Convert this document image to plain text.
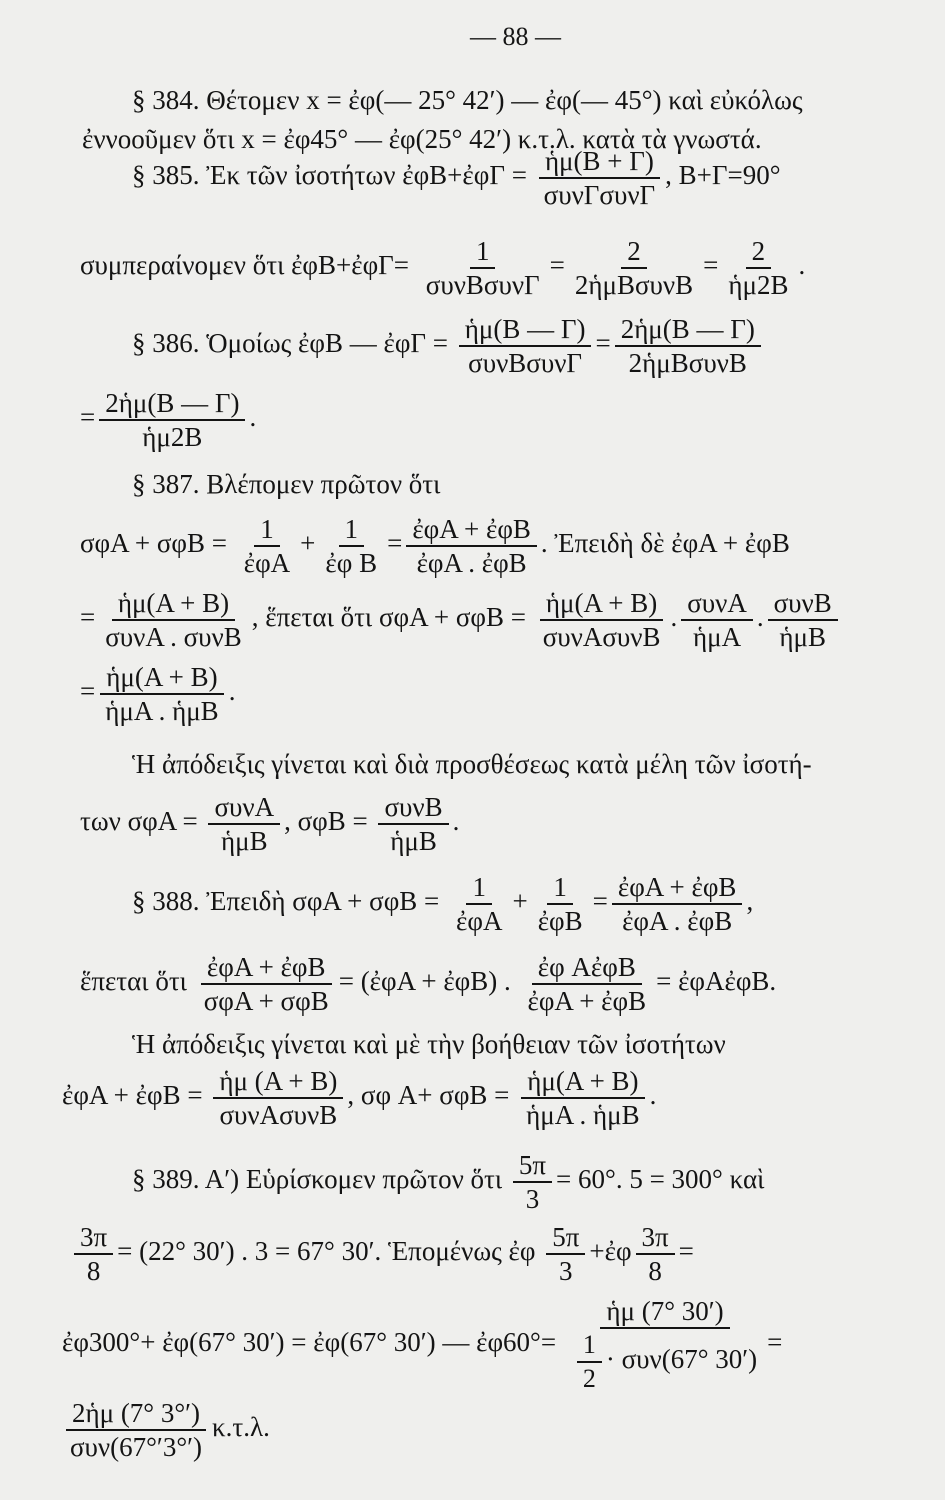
— 88 —
§ 384. Θέτομεν x = ἐφ(— 25° 42′) — ἐφ(— 45°) καὶ εὐκόλως
ἐννοοῦμεν ὅτι x = ἐφ45° — ἐφ(25° 42′) κ.τ.λ. κατὰ τὰ γνωστά.
§ 385. Ἐκ τῶν ἰσοτήτων ἐφB+ἐφΓ = $\frac{\text{ἡμ(B + Γ)}}{\text{συνΓσυνΓ}}$ , B+Γ=90°
συμπεραίνομεν ὅτι ἐφB+ἐφΓ= $\frac{1}{\text{συνBσυνΓ}} = \frac{2}{\text{2ἡμBσυνB}} = \frac{2}{\text{ἡμ2B}}$ .
§ 386. Ὁμοίως ἐφB — ἐφΓ = $\frac{\text{ἡμ(B — Γ)}}{\text{συνBσυνΓ}} = \frac{\text{2ἡμ(B — Γ)}}{\text{2ἡμBσυνB}}$
= $\frac{\text{2ἡμ(B — Γ)}}{\text{ἡμ2B}}$ .
§ 387. Βλέπομεν πρῶτον ὅτι
$\sigma\varphi A + \sigma\varphi B = \frac{1}{\text{ἐφA}} + \frac{1}{\text{ἐφ B}} = \frac{\text{ἐφA + ἐφB}}{\text{ἐφA . ἐφB}}$ . Ἐπειδὴ δὲ ἐφA + ἐφB
= $\frac{\text{ἡμ(A + B)}}{\text{συνA . συνB}}$ , ἕπεται ὅτι $\sigma\varphi A + \sigma\varphi B = \frac{\text{ἡμ(A + B)}}{\text{συνAσυνB}}$ . $\frac{\text{συνA}}{\text{ἡμA}}$ . $\frac{\text{συνB}}{\text{ἡμB}}$
= $\frac{\text{ἡμ(A + B)}}{\text{ἡμA . ἡμB}}$ .
Ἡ ἀπόδειξις γίνεται καὶ διὰ προσθέσεως κατὰ μέλη τῶν ἰσοτή-
των $\sigma\varphi A = \frac{\text{συνA}}{\text{ἡμB}}$ , $\sigma\varphi B = \frac{\text{συνB}}{\text{ἡμB}}$ .
§ 388. Ἐπειδὴ $\sigma\varphi A + \sigma\varphi B = \frac{1}{\text{ἐφA}} + \frac{1}{\text{ἐφB}} = \frac{\text{ἐφA + ἐφB}}{\text{ἐφA . ἐφB}}$ ,
ἕπεται ὅτι $\frac{\text{ἐφA + ἐφB}}{\text{σφA + σφB}}$ = (ἐφA + ἐφB) . $\frac{\text{ἐφ AἐφB}}{\text{ἐφA + ἐφB}}$ = ἐφAἐφB.
Ἡ ἀπόδειξις γίνεται καὶ μὲ τὴν βοήθειαν τῶν ἰσοτήτων
ἐφA + ἐφB = $\frac{\text{ἡμ (A + B)}}{\text{συνAσυνB}}$ , σφ $A+ \sigma\varphi B = \frac{\text{ἡμ(A + B)}}{\text{ἡμA . ἡμB}}$ .
§ 389. A′) Εὑρίσκομεν πρῶτον ὅτι $\frac{5\pi}{3} = 60^\circ$. 5 = 300° καὶ
$\frac{3\pi}{8} = (22^\circ$ 30′) . 3 = 67° 30′. Ἑπομένως ἐφ $\frac{5\pi}{3}$ +ἐφ $\frac{3\pi}{8}$ =
ἐφ300°+ ἐφ(67° 30′) = ἐφ(67° 30′) — ἐφ60°= $\frac{\text{ἡμ (7° 30′)}}{\frac{1}{2} \cdot \sigma\upsilon\nu(67^\circ 30')}$ =
$\frac{\text{2ἡμ (7° 3°′)}}{\text{συν(67°′3°′)}} \kappa.\tau.\lambda$.
